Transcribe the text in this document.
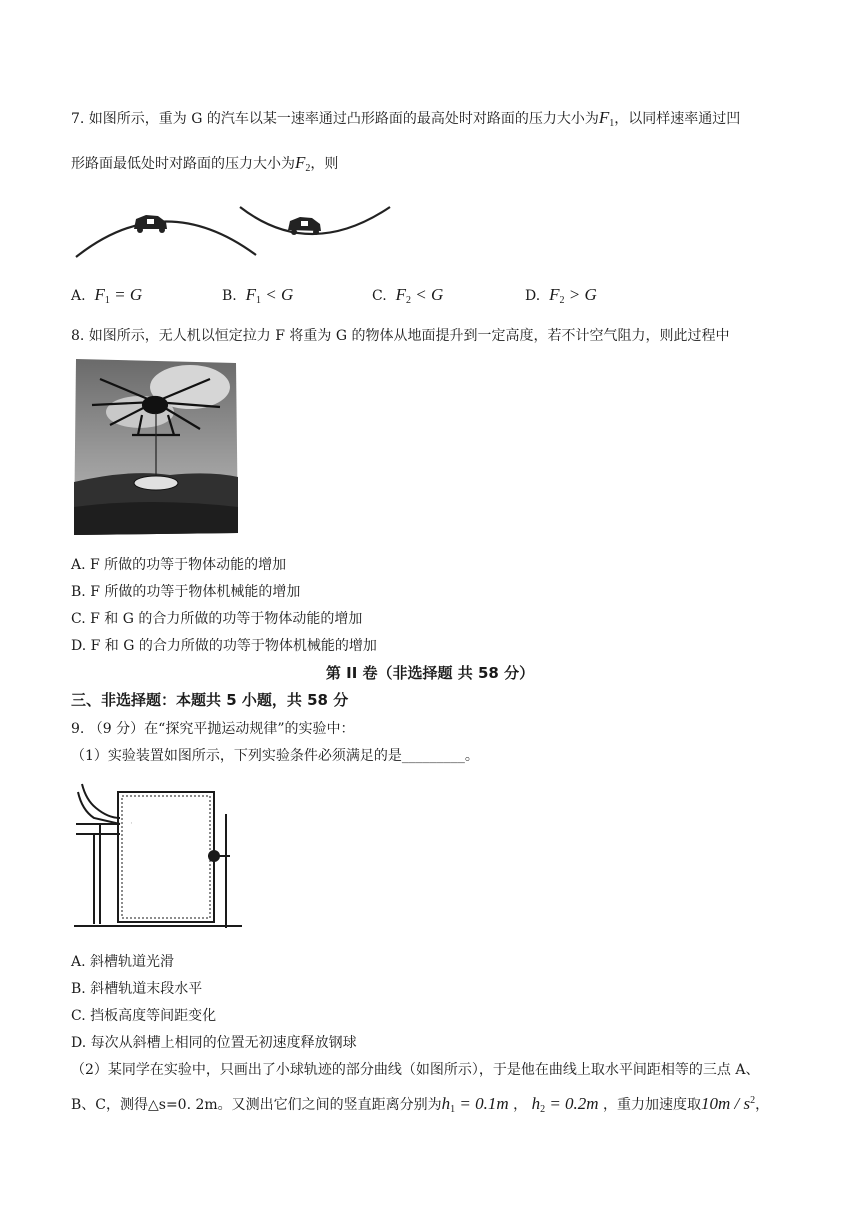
7. 如图所示，重为 G 的汽车以某一速率通过凸形路面的最高处时对路面的压力大小为$F_1$，以同样速率通过凹
形路面最低处时对路面的压力大小为$F_2$，则
A. $F_1 = G$	B. $F_1 < G$	C. $F_2 < G$	D. $F_2 > G$
8. 如图所示，无人机以恒定拉力 F 将重为 G 的物体从地面提升到一定高度，若不计空气阻力，则此过程中
A. F 所做的功等于物体动能的增加
B. F 所做的功等于物体机械能的增加
C. F 和 G 的合力所做的功等于物体动能的增加
D. F 和 G 的合力所做的功等于物体机械能的增加
第 II 卷（非选择题 共 58 分）
三、非选择题：本题共 5 小题，共 58 分
9. （9 分）在“探究平抛运动规律”的实验中：
（1）实验装置如图所示，下列实验条件必须满足的是_________。
·
A. 斜槽轨道光滑
B. 斜槽轨道末段水平
C. 挡板高度等间距变化
D. 每次从斜槽上相同的位置无初速度释放钢球
（2）某同学在实验中，只画出了小球轨迹的部分曲线（如图所示），于是他在曲线上取水平间距相等的三点 A、
B、C，测得△s=0. 2m。又测出它们之间的竖直距离分别为$h_1 = 0.1m$ ， $h_2 = 0.2m$ ，重力加速度取$10m / s^2$，
